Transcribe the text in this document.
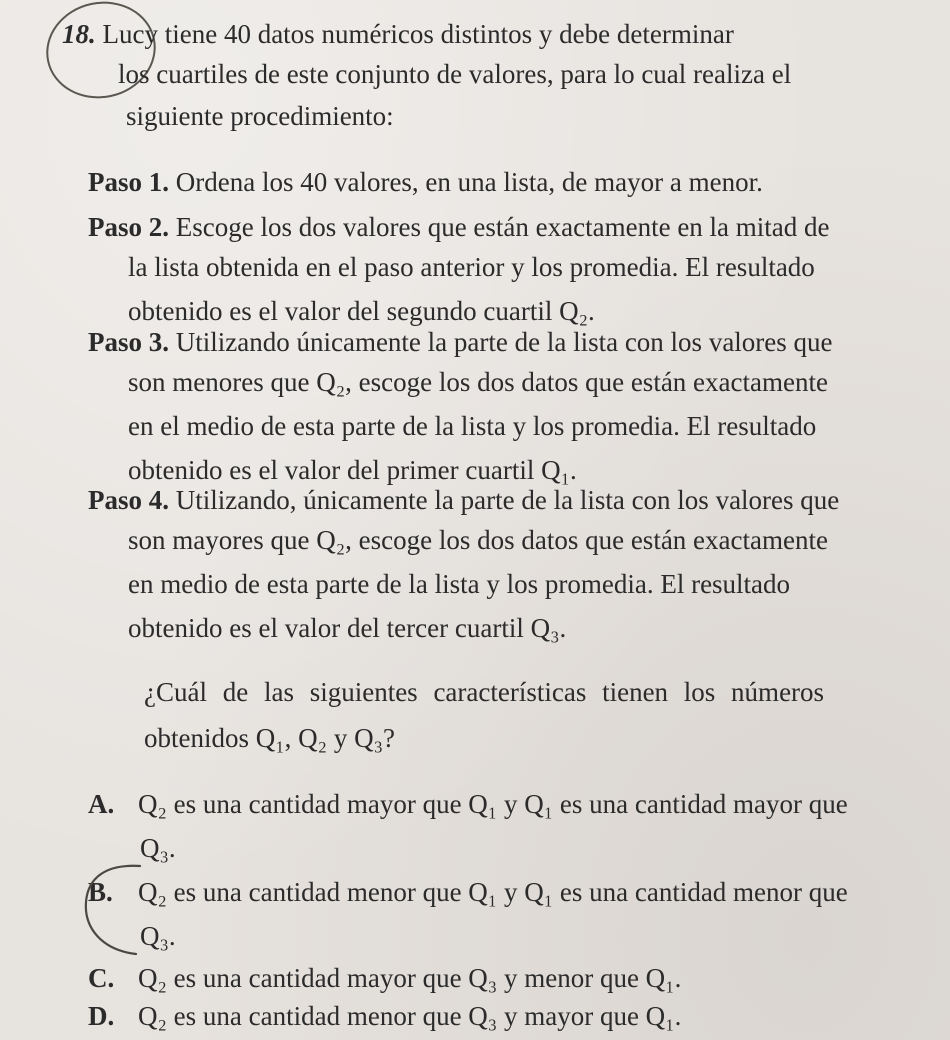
18. Lucy tiene 40 datos numéricos distintos y debe determinar
los cuartiles de este conjunto de valores, para lo cual realiza el
siguiente procedimiento:
Paso 1. Ordena los 40 valores, en una lista, de mayor a menor.
Paso 2. Escoge los dos valores que están exactamente en la mitad de
la lista obtenida en el paso anterior y los promedia. El resultado
obtenido es el valor del segundo cuartil Q₂.
Paso 3. Utilizando únicamente la parte de la lista con los valores que
son menores que Q₂, escoge los dos datos que están exactamente
en el medio de esta parte de la lista y los promedia. El resultado
obtenido es el valor del primer cuartil Q₁.
Paso 4. Utilizando, únicamente la parte de la lista con los valores que
son mayores que Q₂, escoge los dos datos que están exactamente
en medio de esta parte de la lista y los promedia. El resultado
obtenido es el valor del tercer cuartil Q₃.
¿Cuál de las siguientes características tienen los números
obtenidos Q₁, Q₂ y Q₃?
A. Q₂ es una cantidad mayor que Q₁ y Q₁ es una cantidad mayor que
Q₃.
B. Q₂ es una cantidad menor que Q₁ y Q₁ es una cantidad menor que
Q₃.
C. Q₂ es una cantidad mayor que Q₃ y menor que Q₁.
D. Q₂ es una cantidad menor que Q₃ y mayor que Q₁.
